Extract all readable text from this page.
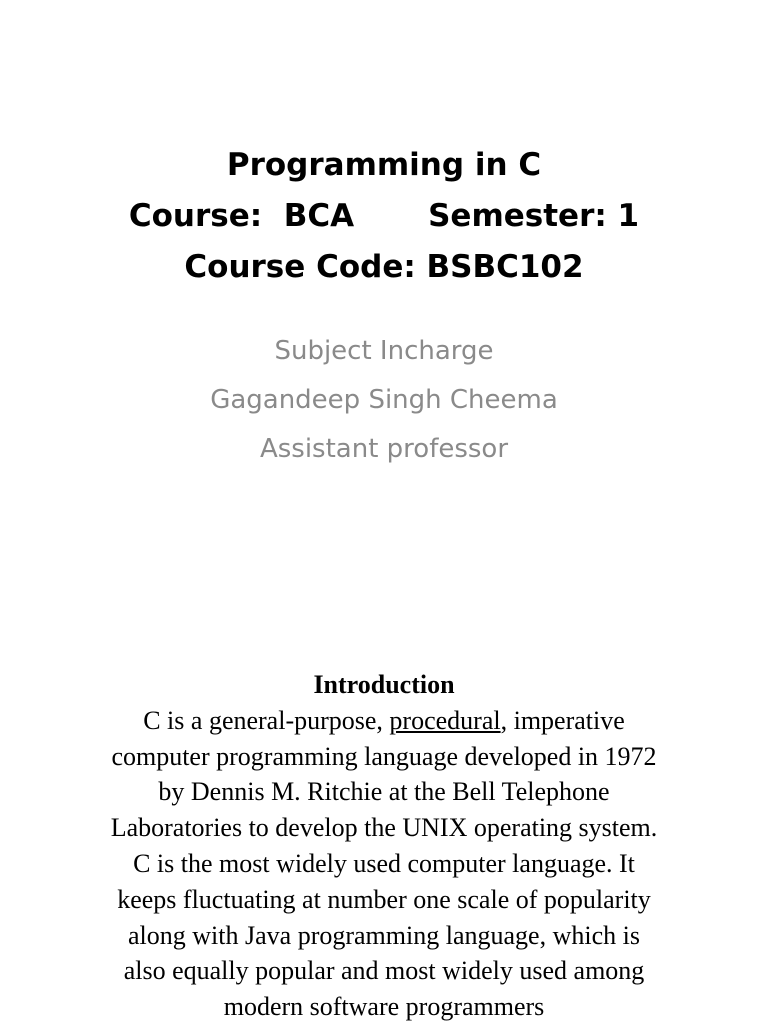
Programming in C
Course:  BCA Semester: 1
Course Code: BSBC102
Subject Incharge
Gagandeep Singh Cheema
Assistant professor
Introduction
C is a general-purpose, procedural, imperative
computer programming language developed in 1972
by Dennis M. Ritchie at the Bell Telephone
Laboratories to develop the UNIX operating system.
C is the most widely used computer language. It
keeps fluctuating at number one scale of popularity
along with Java programming language, which is
also equally popular and most widely used among
modern software programmers
